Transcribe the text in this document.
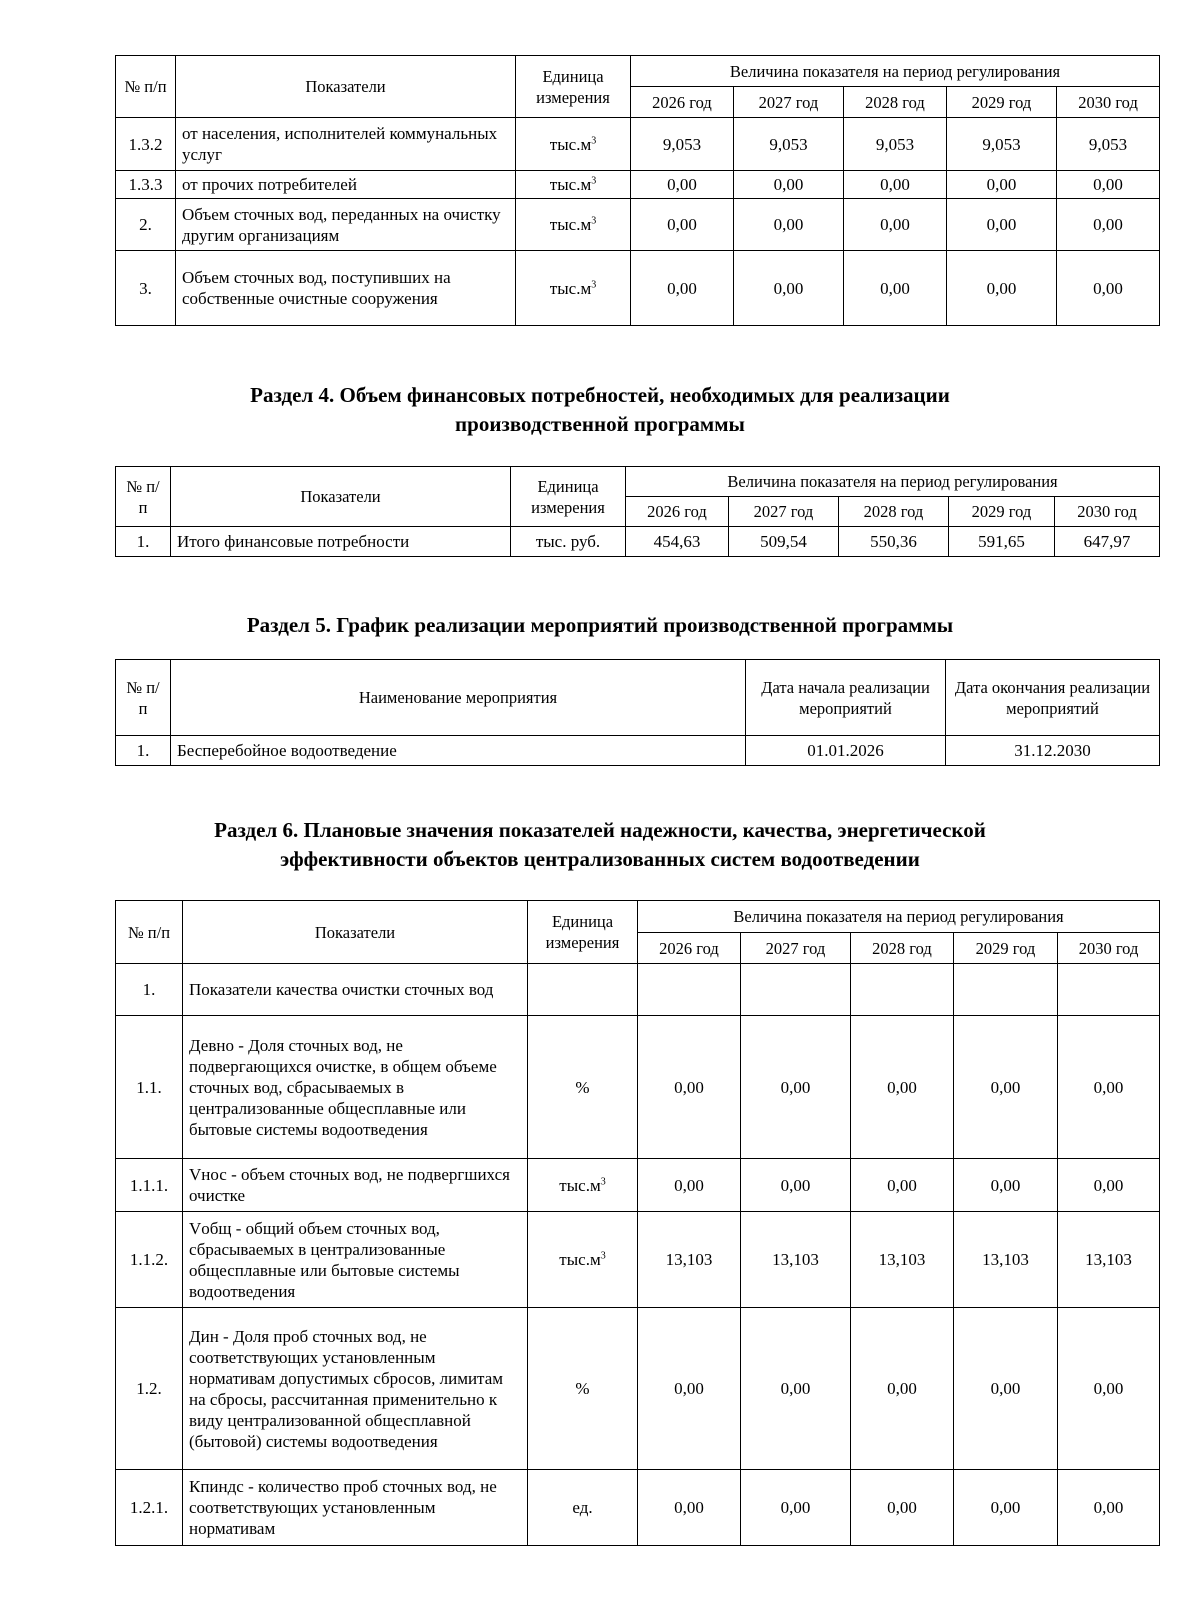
№ п/п	Показатели	Единица измерения	Величина показателя на период регулирования				
			2026 год	2027 год	2028 год	2029 год	2030 год
1.3.2	от населения, исполнителей коммунальных услуг	$тыс.м^3$	9,053	9,053	9,053	9,053	9,053
1.3.3	от прочих потребителей	$тыс.м^3$	0,00	0,00	0,00	0,00	0,00
2.	Объем сточных вод, переданных на очистку другим организациям	$тыс.м^3$	0,00	0,00	0,00	0,00	0,00
3.	Объем сточных вод, поступивших на собственные очистные сооружения	$тыс.м^3$	0,00	0,00	0,00	0,00	0,00
Раздел 4. Объем финансовых потребностей, необходимых для реализации
производственной программы
№ п/п	Показатели	Единица измерения	Величина показателя на период регулирования				
			2026 год	2027 год	2028 год	2029 год	2030 год
1.	Итого финансовые потребности	тыс. руб.	454,63	509,54	550,36	591,65	647,97
Раздел 5. График реализации мероприятий производственной программы
№ п/п	Наименование мероприятия	Дата начала реализации мероприятий	Дата окончания реализации мероприятий
1.	Бесперебойное водоотведение	01.01.2026	31.12.2030
Раздел 6. Плановые значения показателей надежности, качества, энергетической
эффективности объектов централизованных систем водоотведении
№ п/п	Показатели	Единица измерения	Величина показателя на период регулирования				
			2026 год	2027 год	2028 год	2029 год	2030 год
1.	Показатели качества очистки сточных вод						
1.1.	Девно - Доля сточных вод, не подвергающихся очистке, в общем объеме сточных вод, сбрасываемых в централизованные общесплавные или бытовые системы водоотведения	%	0,00	0,00	0,00	0,00	0,00
1.1.1.	Vнос - объем сточных вод, не подвергшихся очистке	$тыс.м^3$	0,00	0,00	0,00	0,00	0,00
1.1.2.	Vобщ - общий объем сточных вод, сбрасываемых в централизованные общесплавные или бытовые системы водоотведения	$тыс.м^3$	13,103	13,103	13,103	13,103	13,103
1.2.	Дин - Доля проб сточных вод, не соответствующих установленным нормативам допустимых сбросов, лимитам на сбросы, рассчитанная применительно к виду централизованной общесплавной (бытовой) системы водоотведения	%	0,00	0,00	0,00	0,00	0,00
1.2.1.	Кпиндс - количество проб сточных вод, не соответствующих установленным нормативам	ед.	0,00	0,00	0,00	0,00	0,00
